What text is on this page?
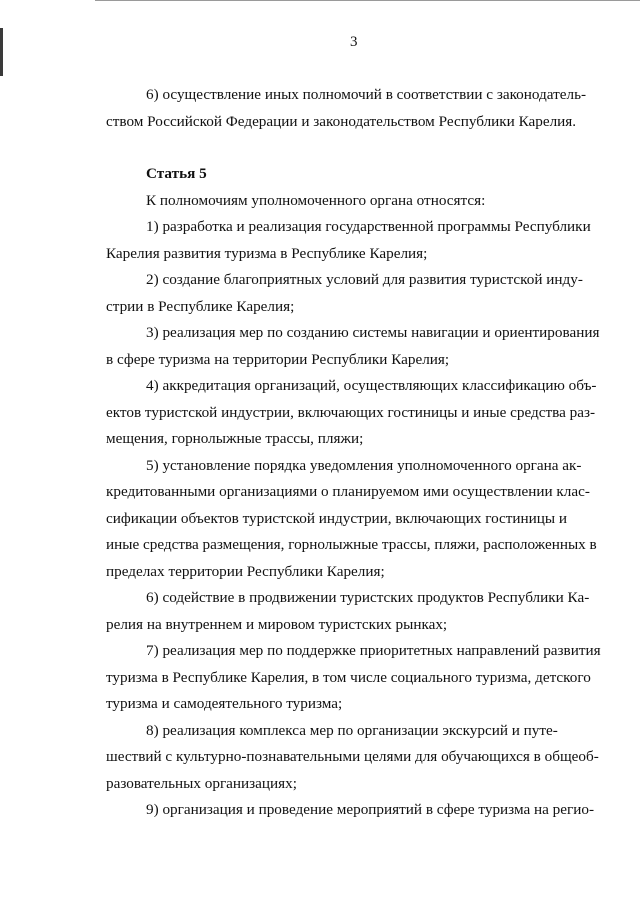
3

6) осуществление иных полномочий в соответствии с законодатель-
ством Российской Федерации и законодательством Республики Карелия.

Статья 5

К полномочиям уполномоченного органа относятся:

1) разработка и реализация государственной программы Республики
Карелия развития туризма в Республике Карелия;

2) создание благоприятных условий для развития туристской инду-
стрии в Республике Карелия;

3) реализация мер по созданию системы навигации и ориентирования
в сфере туризма на территории Республики Карелия;

4) аккредитация организаций, осуществляющих классификацию объ-
ектов туристской индустрии, включающих гостиницы и иные средства раз-
мещения, горнолыжные трассы, пляжи;

5) установление порядка уведомления уполномоченного органа ак-
кредитованными организациями о планируемом ими осуществлении клас-
сификации объектов туристской индустрии, включающих гостиницы и
иные средства размещения, горнолыжные трассы, пляжи, расположенных в
пределах территории Республики Карелия;

6) содействие в продвижении туристских продуктов Республики Ка-
релия на внутреннем и мировом туристских рынках;

7) реализация мер по поддержке приоритетных направлений развития
туризма в Республике Карелия, в том числе социального туризма, детского
туризма и самодеятельного туризма;

8) реализация комплекса мер по организации экскурсий и путе-
шествий с культурно-познавательными целями для обучающихся в общеоб-
разовательных организациях;

9) организация и проведение мероприятий в сфере туризма на регио-
